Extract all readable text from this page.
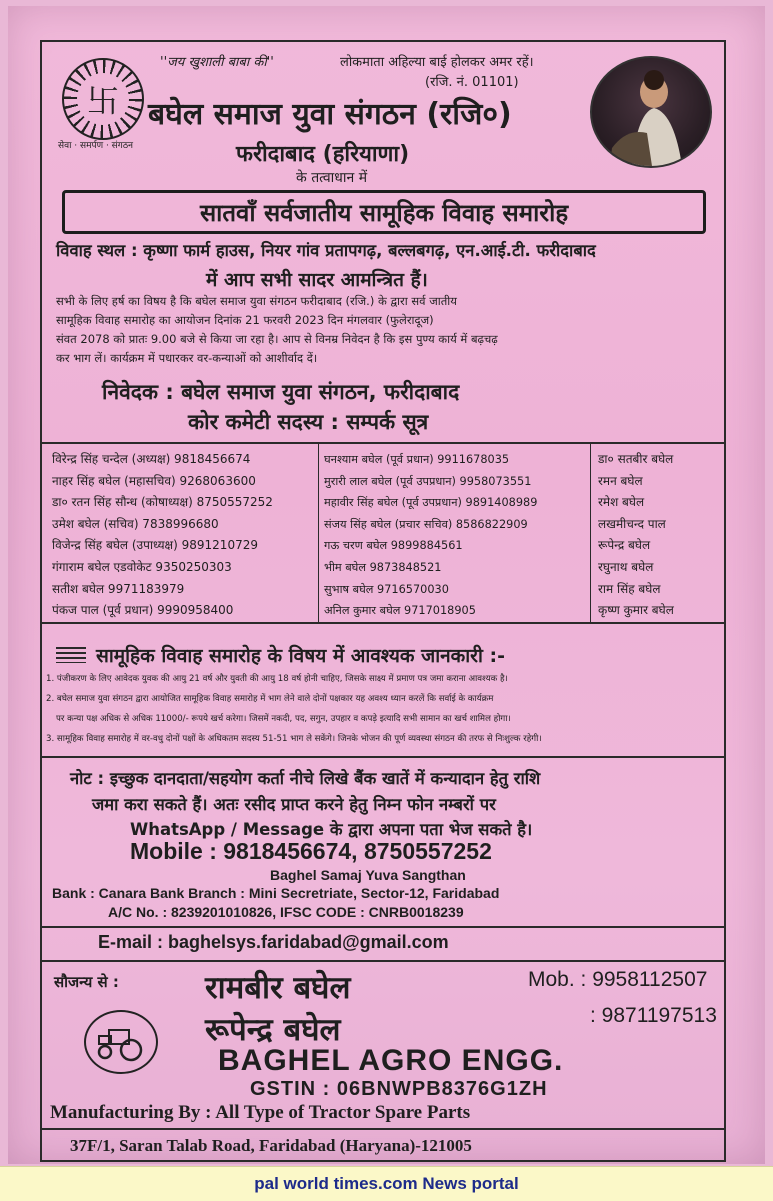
卐
सेवा · समर्पण · संगठन
''जय खुशाली बाबा की''	लोकमाता अहिल्या बाई होलकर अमर रहें।
(रजि. नं. 01101)
बघेल समाज युवा संगठन (रजि०)
फरीदाबाद (हरियाणा)
के तत्वाधान में
सातवाँ सर्वजातीय सामूहिक विवाह समारोह
विवाह स्थल : कृष्णा फार्म हाउस, नियर गांव प्रतापगढ़, बल्लबगढ़, एन.आई.टी. फरीदाबाद
में आप सभी सादर आमन्त्रित हैं।
सभी के लिए हर्ष का विषय है कि बघेल समाज युवा संगठन फरीदाबाद (रजि.) के द्वारा सर्व जातीय
सामूहिक विवाह समारोह का आयोजन दिनांक 21 फरवरी 2023 दिन मंगलवार (फुलेरादूज)
संवत 2078 को प्रातः 9.00 बजे से किया जा रहा है। आप से विनम्र निवेदन है कि इस पुण्य कार्य में बढ़चढ़
कर भाग लें। कार्यक्रम में पधारकर वर-कन्याओं को आशीर्वाद दें।
निवेदक : बघेल समाज युवा संगठन, फरीदाबाद
कोर कमेटी सदस्य : सम्पर्क सूत्र
विरेन्द्र सिंह चन्देल (अध्यक्ष) 9818456674
नाहर सिंह बघेल (महासचिव) 9268063600
डा० रतन सिंह सौन्ध (कोषाध्यक्ष) 8750557252
उमेश बघेल (सचिव) 7838996680
विजेन्द्र सिंह बघेल (उपाध्यक्ष) 9891210729
गंगाराम बघेल एडवोकेट 9350250303
सतीश बघेल 9971183979
पंकज पाल (पूर्व प्रधान) 9990958400
घनश्याम बघेल (पूर्व प्रधान) 9911678035
मुरारी लाल बघेल (पूर्व उपप्रधान) 9958073551
महावीर सिंह बघेल (पूर्व उपप्रधान) 9891408989
संजय सिंह बघेल (प्रचार सचिव) 8586822909
गऊ चरण बघेल 9899884561
भीम बघेल 9873848521
सुभाष बघेल 9716570030
अनिल कुमार बघेल 9717018905
डा० सतबीर बघेल
रमन बघेल
रमेश बघेल
लखमीचन्द पाल
रूपेन्द्र बघेल
रघुनाथ बघेल
राम सिंह बघेल
कृष्ण कुमार बघेल
सामूहिक विवाह समारोह के विषय में आवश्यक जानकारी :-
1. पंजीकरण के लिए आवेदक युवक की आयु 21 वर्ष और युवती की आयु 18 वर्ष होनी चाहिए, जिसके साक्ष्य में प्रमाण पत्र जमा कराना आवश्यक है।
2. बघेल समाज युवा संगठन द्वारा आयोजित सामूहिक विवाह समारोह में भाग लेने वाले दोनों पक्षकार यह अवश्य ध्यान करलें कि सर्वाई के कार्यक्रम
पर कन्या पक्ष अधिक से अधिक 11000/- रूपये खर्च करेगा। जिसमें नकदी, पद, सगुन, उपहार व कपड़े इत्यादि सभी सामान का खर्च शामिल होगा।
3. सामूहिक विवाह समारोह में वर-वधु दोनों पक्षों के अधिकतम सदस्य 51-51 भाग ले सकेंगे। जिनके भोजन की पूर्ण व्यवस्था संगठन की तरफ से निःशुल्क रहेगी।
नोट : इच्छुक दानदाता/सहयोग कर्ता नीचे लिखे बैंक खातें में कन्यादान हेतु राशि
जमा करा सकते हैं। अतः रसीद प्राप्त करने हेतु निम्न फोन नम्बरों पर
WhatsApp / Message के द्वारा अपना पता भेज सकते है।
Mobile : 9818456674, 8750557252
Baghel Samaj Yuva Sangthan
Bank : Canara Bank Branch : Mini Secretriate, Sector-12, Faridabad
A/C No. : 8239201010826, IFSC CODE : CNRB0018239
E-mail : baghelsys.faridabad@gmail.com
सौजन्य से :	रामबीर बघेल
रूपेन्द्र बघेल
Mob. : 9958112507
: 9871197513
BAGHEL AGRO ENGG.
GSTIN : 06BNWPB8376G1ZH
Manufacturing By : All Type of Tractor Spare Parts
37F/1, Saran Talab Road, Faridabad (Haryana)-121005
pal world times.com News portal
